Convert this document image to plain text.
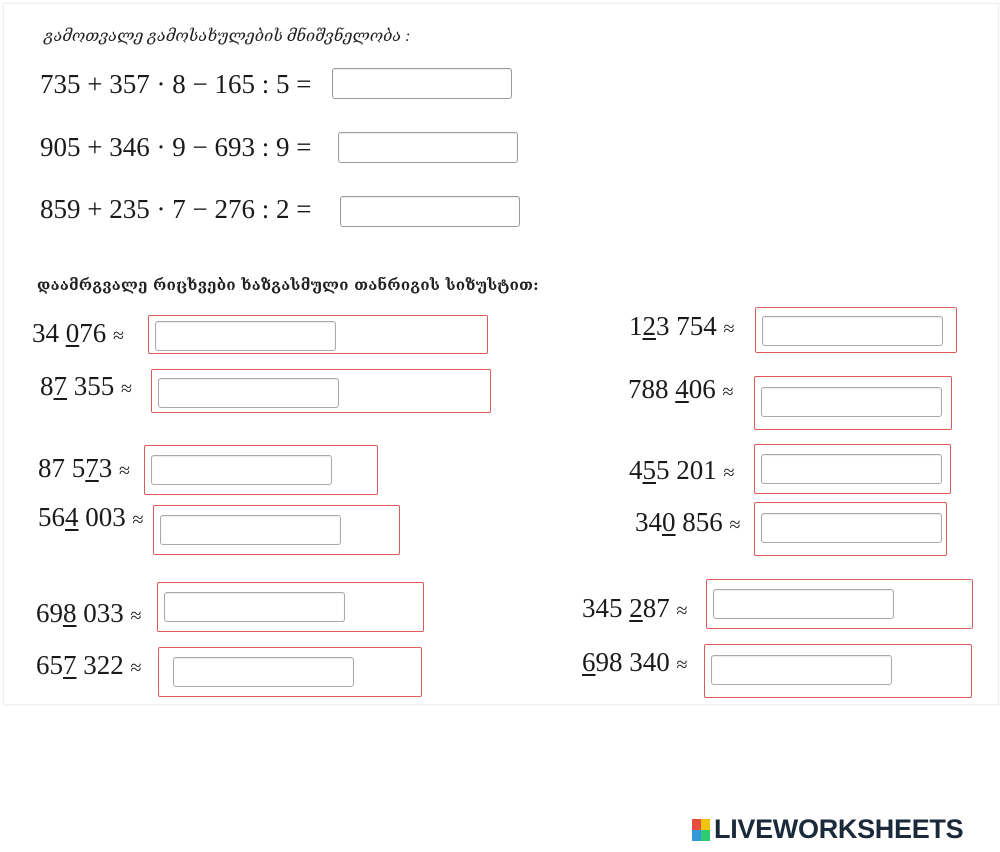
გამოთვალე გამოსახულების მნიშვნელობა :
735 + 357 · 8 − 165 : 5 =
905 + 346 · 9 − 693 : 9 =
859 + 235 · 7 − 276 : 2 =
დაამრგვალე რიცხვები ხაზგასმული თანრიგის სიზუსტით:
34 076 ≈
87 355 ≈
87 573 ≈
564 003 ≈
698 033 ≈
657 322 ≈
123 754 ≈
788 406 ≈
455 201 ≈
340 856 ≈
345 287 ≈
698 340 ≈
LIVEWORKSHEETS
